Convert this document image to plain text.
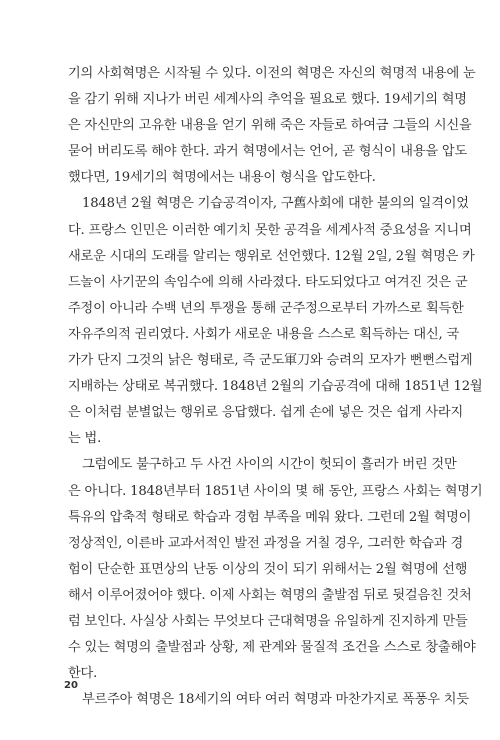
기의 사회혁명은 시작될 수 있다. 이전의 혁명은 자신의 혁명적 내용에 눈
을 감기 위해 지나가 버린 세계사의 추억을 필요로 했다. 19세기의 혁명
은 자신만의 고유한 내용을 얻기 위해 죽은 자들로 하여금 그들의 시신을
묻어 버리도록 해야 한다. 과거 혁명에서는 언어, 곧 형식이 내용을 압도
했다면, 19세기의 혁명에서는 내용이 형식을 압도한다.
1848년 2월 혁명은 기습공격이자, 구舊사회에 대한 불의의 일격이었
다. 프랑스 인민은 이러한 예기치 못한 공격을 세계사적 중요성을 지니며
새로운 시대의 도래를 알리는 행위로 선언했다. 12월 2일, 2월 혁명은 카
드놀이 사기꾼의 속임수에 의해 사라졌다. 타도되었다고 여겨진 것은 군
주정이 아니라 수백 년의 투쟁을 통해 군주정으로부터 가까스로 획득한
자유주의적 권리였다. 사회가 새로운 내용을 스스로 획득하는 대신, 국
가가 단지 그것의 낡은 형태로, 즉 군도軍刀와 승려의 모자가 뻔뻔스럽게
지배하는 상태로 복귀했다. 1848년 2월의 기습공격에 대해 1851년 12월
은 이처럼 분별없는 행위로 응답했다. 쉽게 손에 넣은 것은 쉽게 사라지
는 법.
그럼에도 불구하고 두 사건 사이의 시간이 헛되이 흘러가 버린 것만
은 아니다. 1848년부터 1851년 사이의 몇 해 동안, 프랑스 사회는 혁명기
특유의 압축적 형태로 학습과 경험 부족을 메워 왔다. 그런데 2월 혁명이
정상적인, 이른바 교과서적인 발전 과정을 거칠 경우, 그러한 학습과 경
험이 단순한 표면상의 난동 이상의 것이 되기 위해서는 2월 혁명에 선행
해서 이루어졌어야 했다. 이제 사회는 혁명의 출발점 뒤로 뒷걸음친 것처
럼 보인다. 사실상 사회는 무엇보다 근대혁명을 유일하게 진지하게 만들
수 있는 혁명의 출발점과 상황, 제 관계와 물질적 조건을 스스로 창출해야
한다.
부르주아 혁명은 18세기의 여타 여러 혁명과 마찬가지로 폭풍우 치듯
20
